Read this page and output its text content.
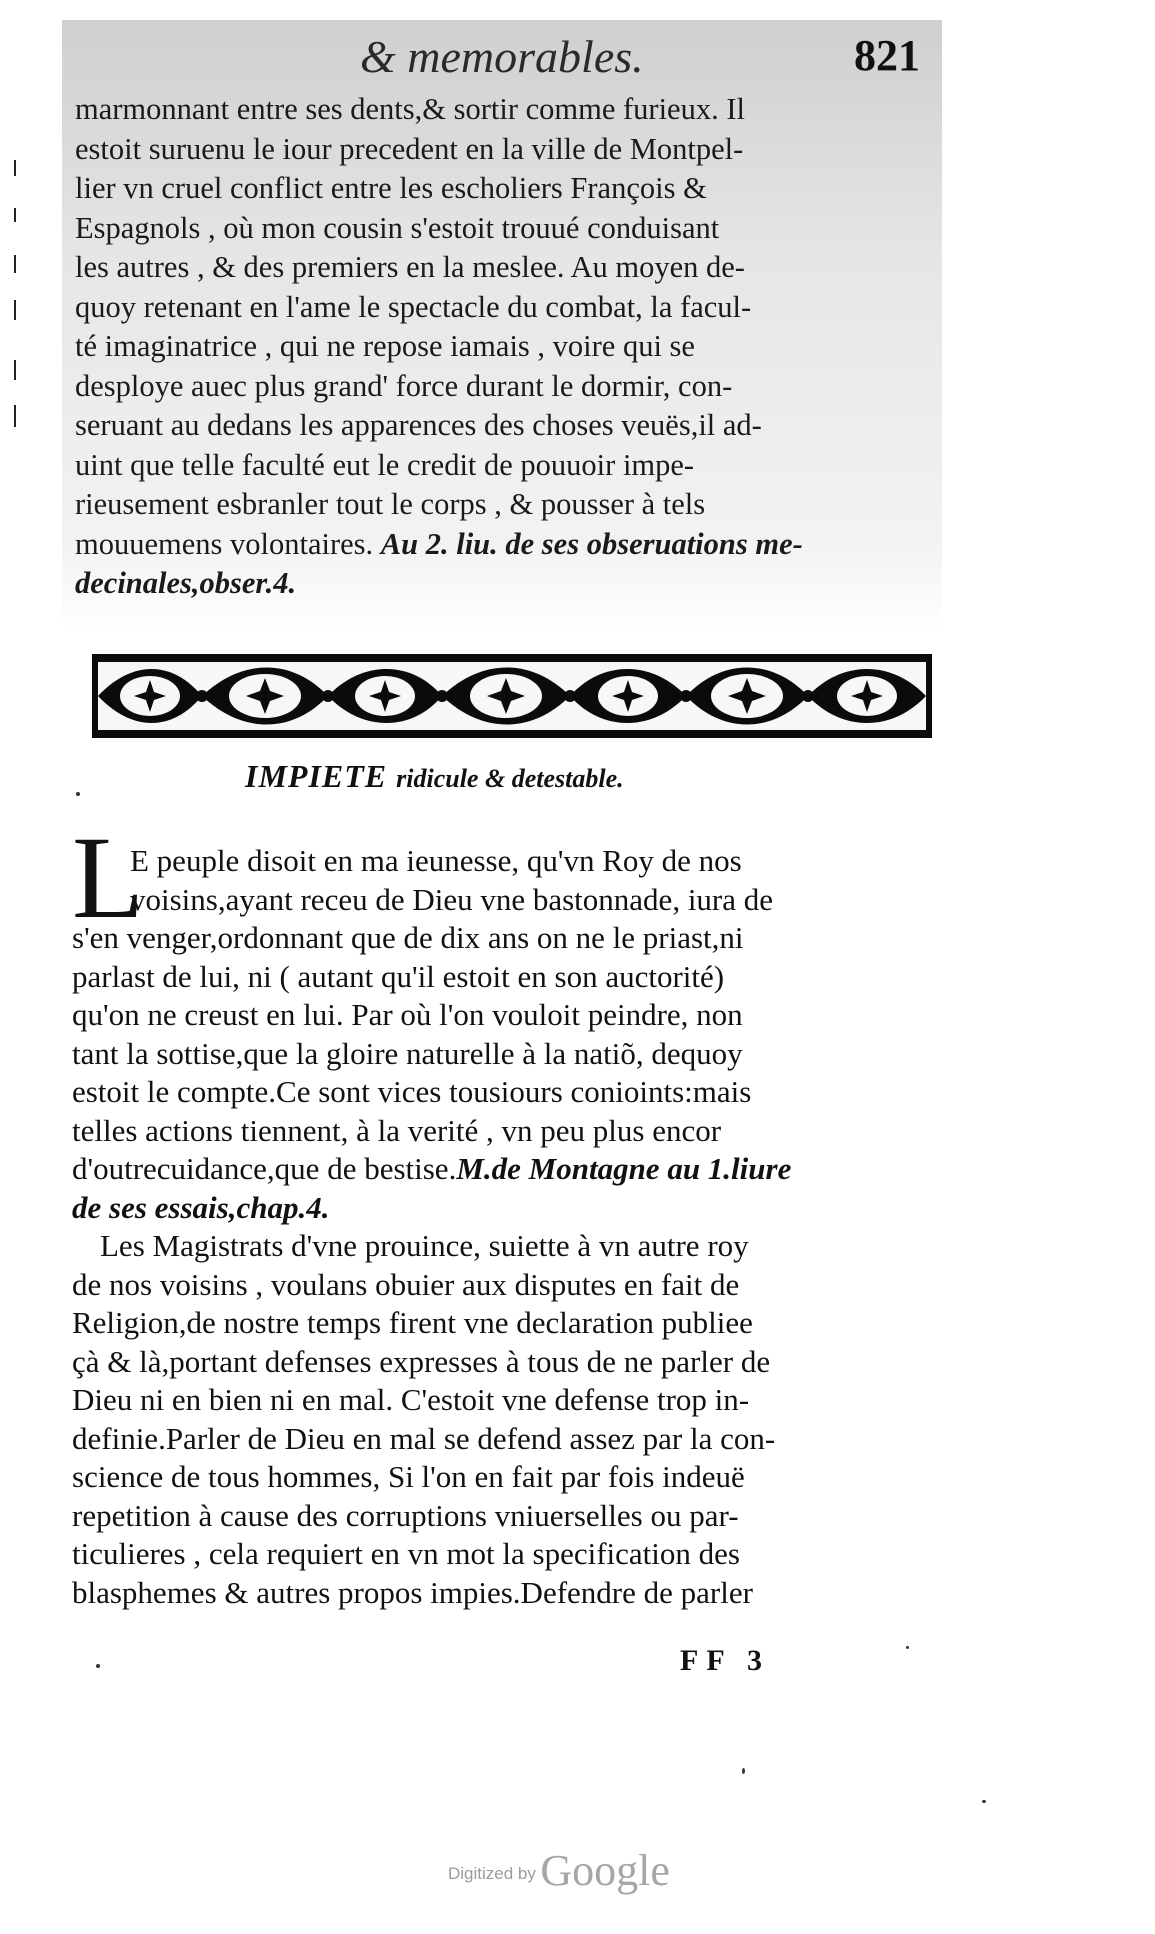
& memorables.	821
marmonnant entre ses dents,& sortir comme furieux. Il
estoit suruenu le iour precedent en la ville de Montpel-
lier vn cruel conflict entre les escholiers François &
Espagnols , où mon cousin s'estoit trouué conduisant
les autres , & des premiers en la meslee. Au moyen de-
quoy retenant en l'ame le spectacle du combat, la facul-
té imaginatrice , qui ne repose iamais , voire qui se
desploye auec plus grand' force durant le dormir, con-
seruant au dedans les apparences des choses veuës,il ad-
uint que telle faculté eut le credit de pouuoir impe-
rieusement esbranler tout le corps , & pousser à tels
mouuemens volontaires. Au 2. liu. de ses obseruations me-
decinales,obser.4.
IMPIETE ridicule & detestable.
L
E peuple disoit en ma ieunesse, qu'vn Roy de nos
voisins,ayant receu de Dieu vne bastonnade, iura de
s'en venger,ordonnant que de dix ans on ne le priast,ni
parlast de lui, ni ( autant qu'il estoit en son auctorité)
qu'on ne creust en lui. Par où l'on vouloit peindre, non
tant la sottise,que la gloire naturelle à la natiõ, dequoy
estoit le compte.Ce sont vices tousiours conioints:mais
telles actions tiennent, à la verité , vn peu plus encor
d'outrecuidance,que de bestise.M.de Montagne au 1.liure
de ses essais,chap.4.
Les Magistrats d'vne prouince, suiette à vn autre roy
de nos voisins , voulans obuier aux disputes en fait de
Religion,de nostre temps firent vne declaration publiee
çà & là,portant defenses expresses à tous de ne parler de
Dieu ni en bien ni en mal. C'estoit vne defense trop in-
definie.Parler de Dieu en mal se defend assez par la con-
science de tous hommes, Si l'on en fait par fois indeuë
repetition à cause des corruptions vniuerselles ou par-
ticulieres , cela requiert en vn mot la specification des
blasphemes & autres propos impies.Defendre de parler
FF 3
Digitized by Google
